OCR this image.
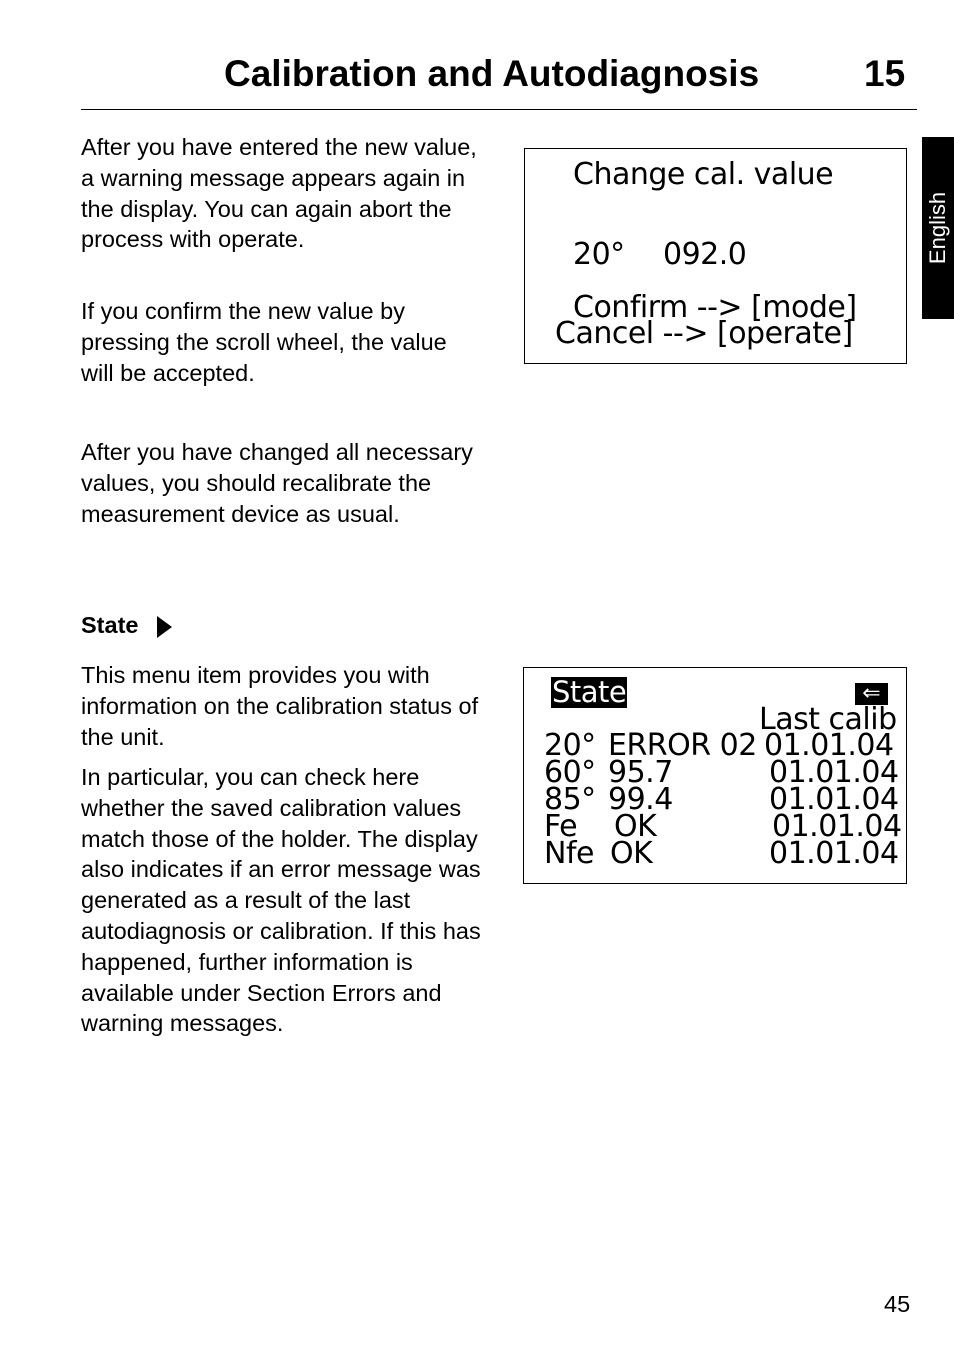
Calibration and Autodiagnosis	15
English

After you have entered the new value, a warning message appears again in the display. You can again abort the process with operate.

If you confirm the new value by pressing the scroll wheel, the value will be accepted.

After you have changed all necessary values, you should recalibrate the measurement device as usual.

State

This menu item provides you with information on the calibration status of the unit.

In particular, you can check here whether the saved calibration values match those of the holder. The display also indicates if an error message was generated as a result of the last autodiagnosis or calibration. If this has happened, further information is available under Section Errors and warning messages.

Change cal. value
20° 092.0
Confirm --> [mode]
Cancel --> [operate]
State	⇐
Last calib
20° ERROR 02 01.01.04
60° 95.7	01.01.04
85° 99.4	01.01.04
Fe OK	01.01.04
Nfe OK	01.01.04
45
